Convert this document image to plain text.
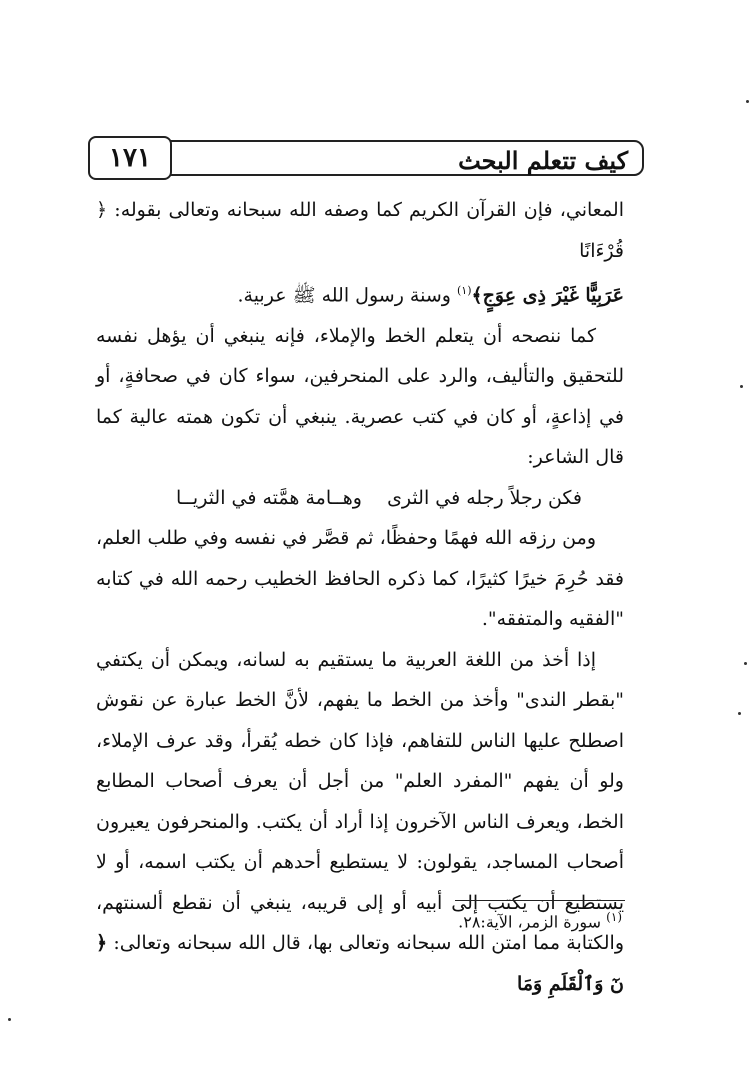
كيف تتعلم البحث
١٧١

المعاني، فإن القرآن الكريم كما وصفه الله سبحانه وتعالى بقوله: ﴿ قُرْءَانًا
عَرَبِيًّا غَيْرَ ذِى عِوَجٍ﴾$^{(١)}$ وسنة رسول الله ﷺ عربية.

كما ننصحه أن يتعلم الخط والإملاء، فإنه ينبغي أن يؤهل نفسه للتحقيق والتأليف، والرد على المنحرفين، سواء كان في صحافةٍ، أو في إذاعةٍ، أو كان في كتب عصرية. ينبغي أن تكون همته عالية كما قال الشاعر:

فكن رجلاً رجله في الثرى
وهــامة همَّته في الثريــا

ومن رزقه الله فهمًا وحفظًا، ثم قصَّر في نفسه وفي طلب العلم، فقد حُرِمَ خيرًا كثيرًا، كما ذكره الحافظ الخطيب رحمه الله في كتابه "الفقيه والمتفقه".

إذا أخذ من اللغة العربية ما يستقيم به لسانه، ويمكن أن يكتفي "بقطر الندى" وأخذ من الخط ما يفهم، لأنَّ الخط عبارة عن نقوش اصطلح عليها الناس للتفاهم، فإذا كان خطه يُقرأ، وقد عرف الإملاء، ولو أن يفهم "المفرد العلم" من أجل أن يعرف أصحاب المطابع الخط، ويعرف الناس الآخرون إذا أراد أن يكتب. والمنحرفون يعيرون أصحاب المساجد، يقولون: لا يستطيع أحدهم أن يكتب اسمه، أو لا يستطيع أن يكتب إلى أبيه أو إلى قريبه، ينبغي أن نقطع ألسنتهم، والكتابة مما امتن الله سبحانه وتعالى بها، قال الله سبحانه وتعالى: ﴿ نٓ وَٱلْقَلَمِ وَمَا

$^{(١)}$ سورة الزمر، الآية:٢٨.
